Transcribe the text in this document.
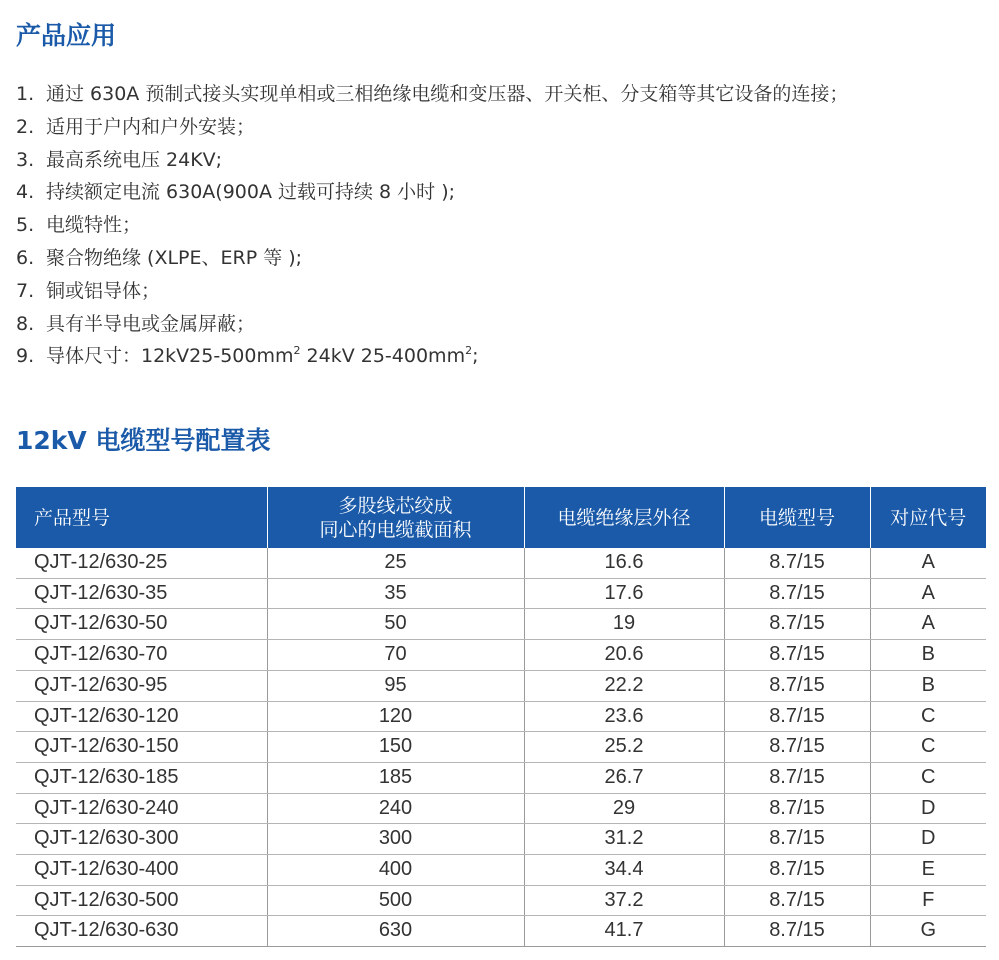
产品应用
1. 通过 630A 预制式接头实现单相或三相绝缘电缆和变压器、开关柜、分支箱等其它设备的连接；
2. 适用于户内和户外安装；
3. 最高系统电压 24KV;
4. 持续额定电流 630A(900A 过载可持续 8 小时 );
5. 电缆特性；
6. 聚合物绝缘 (XLPE、ERP 等 );
7. 铜或铝导体；
8. 具有半导电或金属屏蔽；
9. 导体尺寸：$12kV25-500mm^2$ 24kV $25-400mm^2$;
12kV 电缆型号配置表
产品型号	多股线芯绞成
同心的电缆截面积	电缆绝缘层外径	电缆型号	对应代号
QJT-12/630-25	25	16.6	8.7/15	A
QJT-12/630-35	35	17.6	8.7/15	A
QJT-12/630-50	50	19	8.7/15	A
QJT-12/630-70	70	20.6	8.7/15	B
QJT-12/630-95	95	22.2	8.7/15	B
QJT-12/630-120	120	23.6	8.7/15	C
QJT-12/630-150	150	25.2	8.7/15	C
QJT-12/630-185	185	26.7	8.7/15	C
QJT-12/630-240	240	29	8.7/15	D
QJT-12/630-300	300	31.2	8.7/15	D
QJT-12/630-400	400	34.4	8.7/15	E
QJT-12/630-500	500	37.2	8.7/15	F
QJT-12/630-630	630	41.7	8.7/15	G
